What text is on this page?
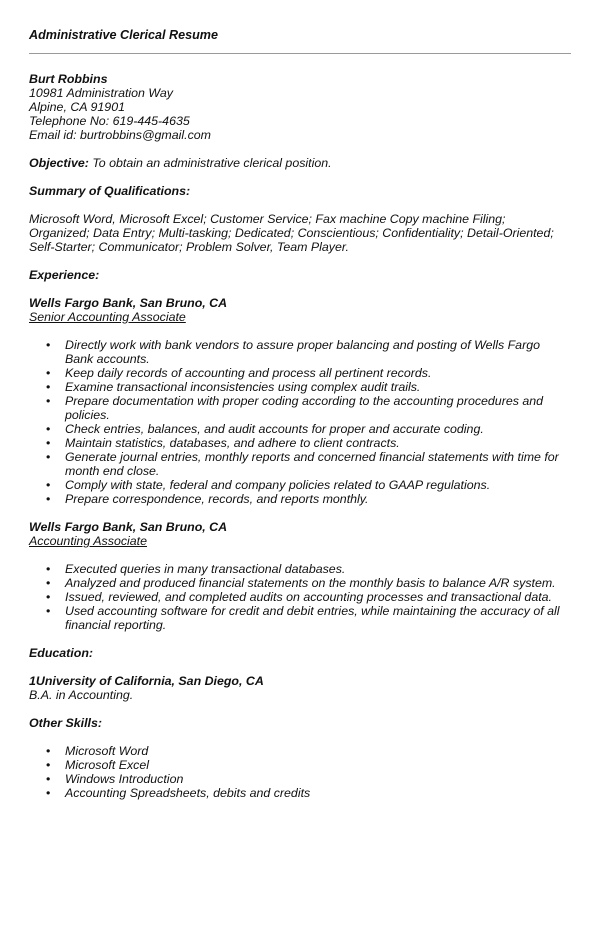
Administrative Clerical Resume
Burt Robbins
10981 Administration Way
Alpine, CA 91901
Telephone No: 619-445-4635
Email id: burtrobbins@gmail.com
Objective: To obtain an administrative clerical position.
Summary of Qualifications:
Microsoft Word, Microsoft Excel; Customer Service; Fax machine Copy machine Filing; Organized; Data Entry; Multi-tasking; Dedicated; Conscientious; Confidentiality; Detail-Oriented; Self-Starter; Communicator; Problem Solver, Team Player.
Experience:
Wells Fargo Bank, San Bruno, CA
Senior Accounting Associate
• Directly work with bank vendors to assure proper balancing and posting of Wells Fargo Bank accounts.
• Keep daily records of accounting and process all pertinent records.
• Examine transactional inconsistencies using complex audit trails.
• Prepare documentation with proper coding according to the accounting procedures and policies.
• Check entries, balances, and audit accounts for proper and accurate coding.
• Maintain statistics, databases, and adhere to client contracts.
• Generate journal entries, monthly reports and concerned financial statements with time for month end close.
• Comply with state, federal and company policies related to GAAP regulations.
• Prepare correspondence, records, and reports monthly.
Wells Fargo Bank, San Bruno, CA
Accounting Associate
• Executed queries in many transactional databases.
• Analyzed and produced financial statements on the monthly basis to balance A/R system.
• Issued, reviewed, and completed audits on accounting processes and transactional data.
• Used accounting software for credit and debit entries, while maintaining the accuracy of all financial reporting.
Education:
1University of California, San Diego, CA
B.A. in Accounting.
Other Skills:
• Microsoft Word
• Microsoft Excel
• Windows Introduction
• Accounting Spreadsheets, debits and credits
